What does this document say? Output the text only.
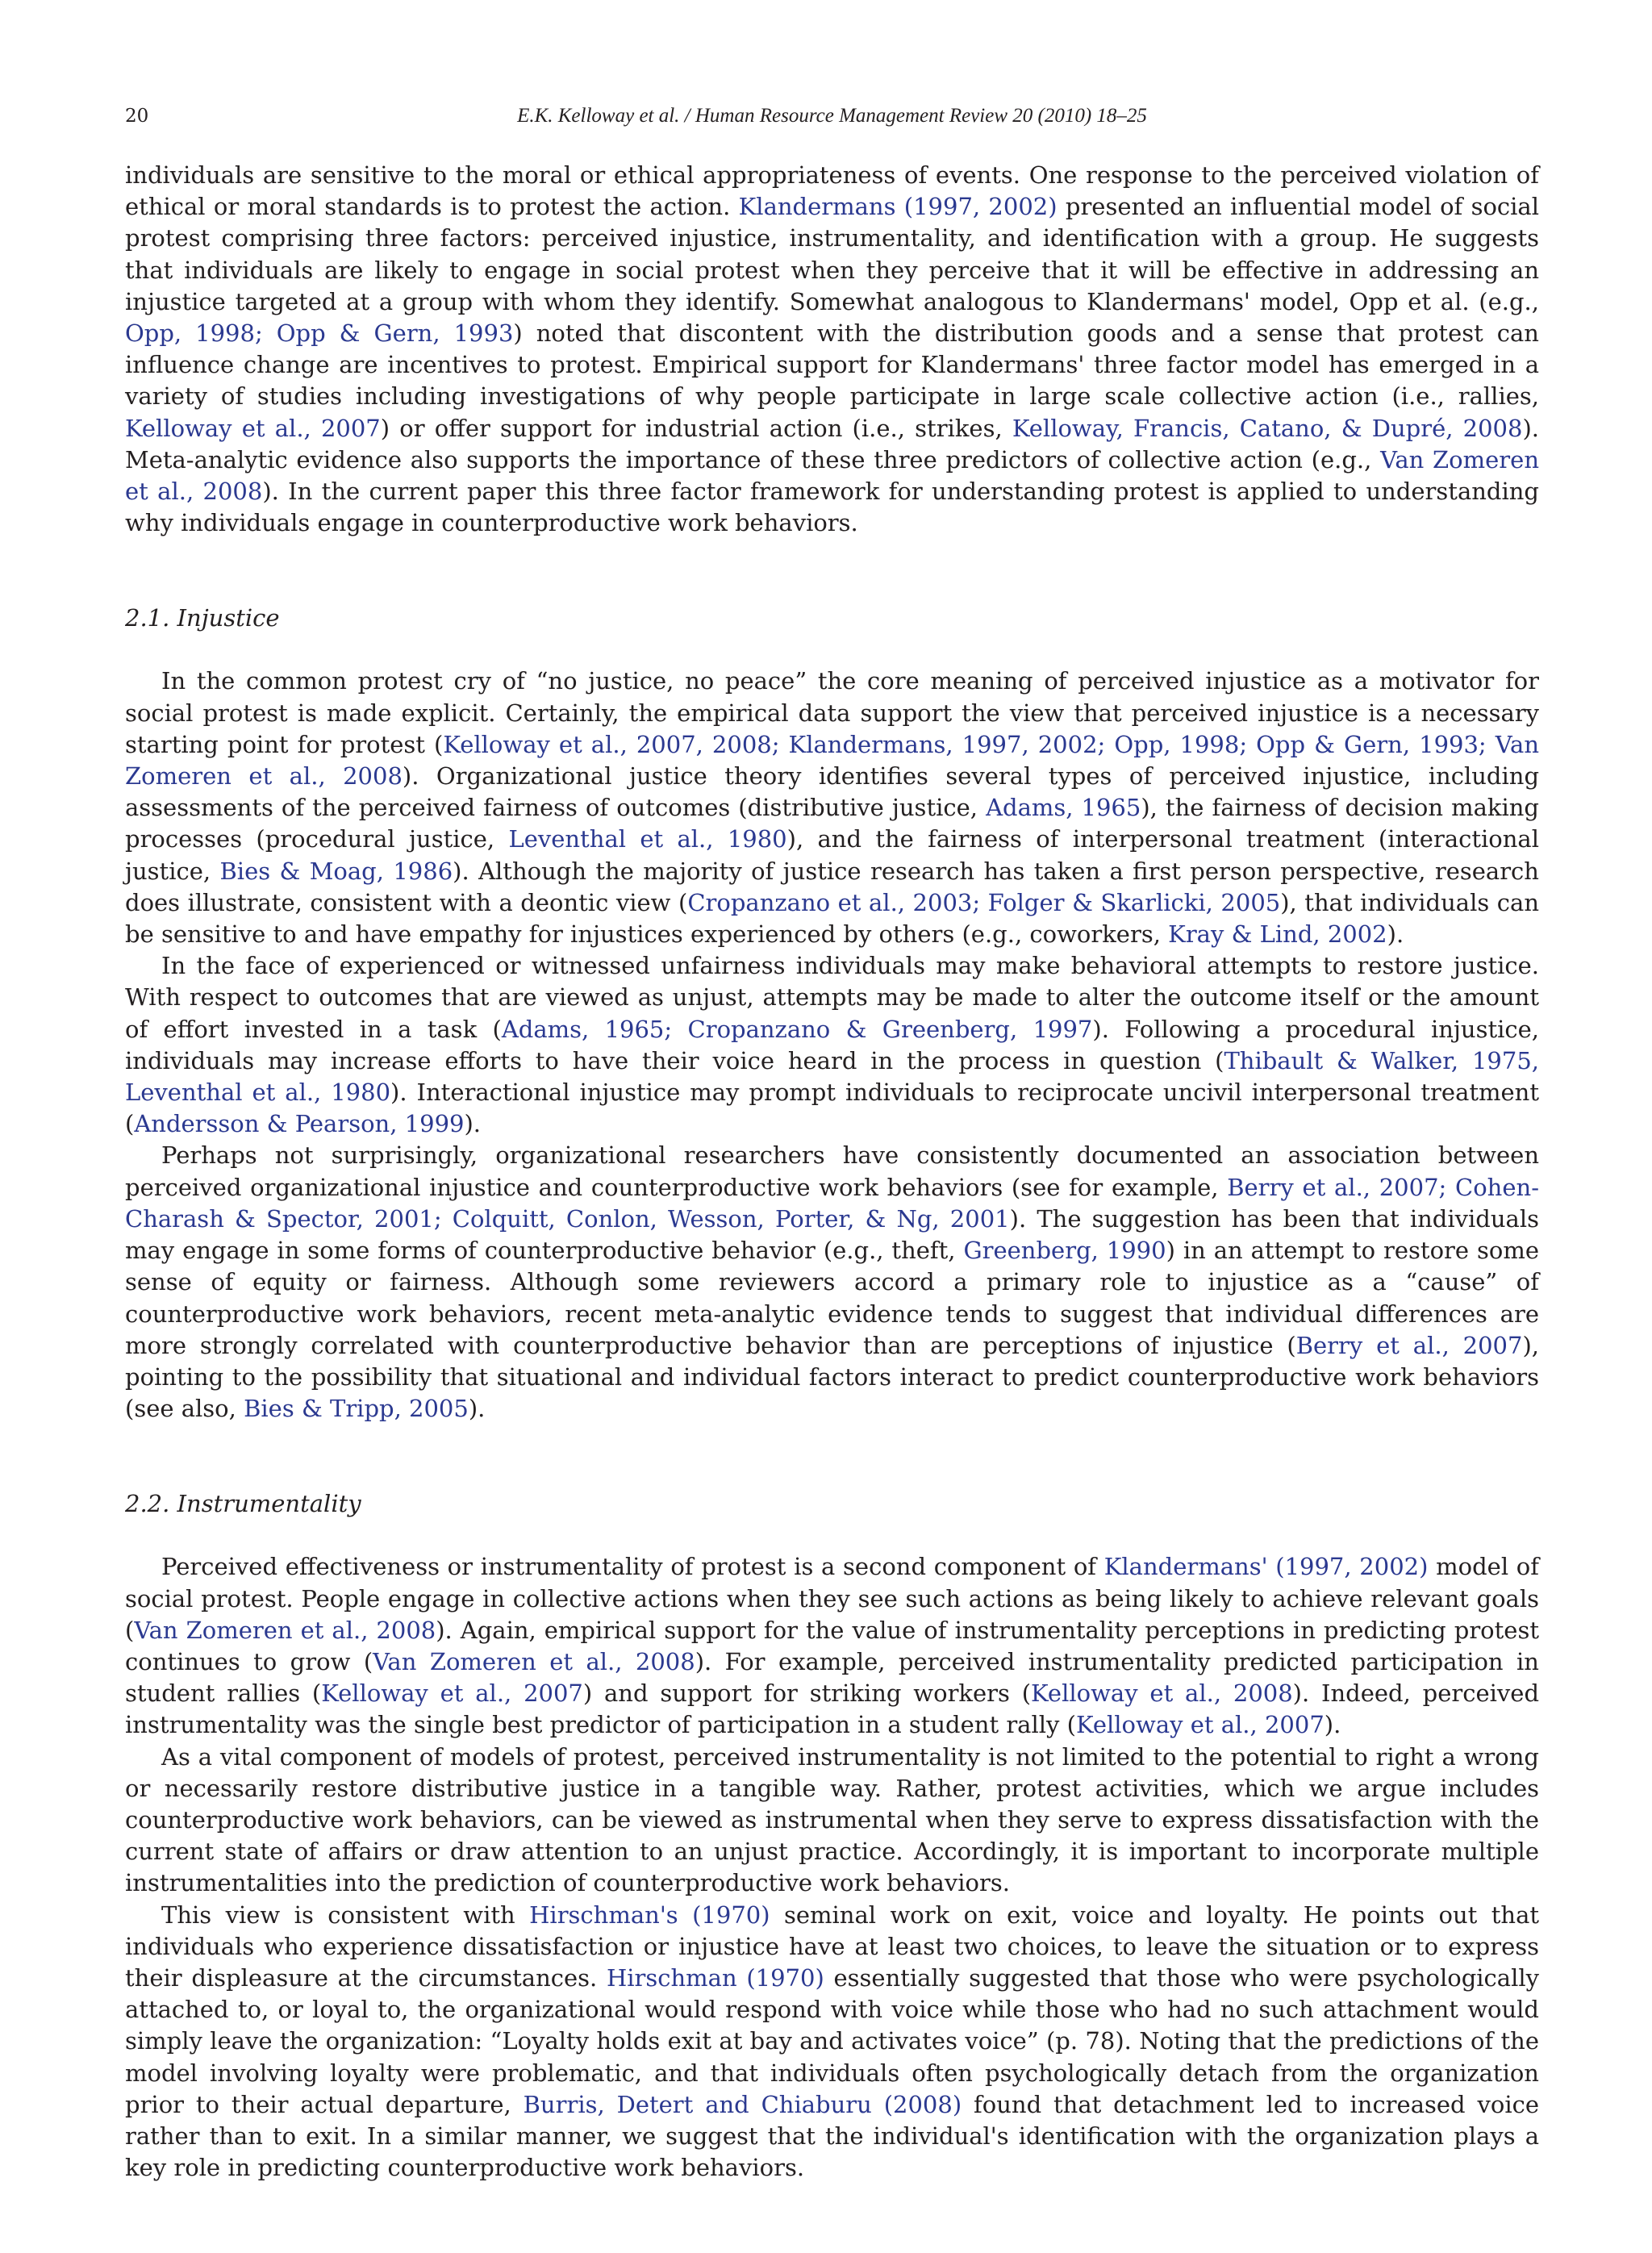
20	E.K. Kelloway et al. / Human Resource Management Review 20 (2010) 18–25

individuals are sensitive to the moral or ethical appropriateness of events. One response to the perceived violation of ethical or moral standards is to protest the action. Klandermans (1997, 2002) presented an influential model of social protest comprising three factors: perceived injustice, instrumentality, and identification with a group. He suggests that individuals are likely to engage in social protest when they perceive that it will be effective in addressing an injustice targeted at a group with whom they identify. Somewhat analogous to Klandermans' model, Opp et al. (e.g., Opp, 1998; Opp & Gern, 1993) noted that discontent with the distribution goods and a sense that protest can influence change are incentives to protest. Empirical support for Klandermans' three factor model has emerged in a variety of studies including investigations of why people participate in large scale collective action (i.e., rallies, Kelloway et al., 2007) or offer support for industrial action (i.e., strikes, Kelloway, Francis, Catano, & Dupré, 2008). Meta-analytic evidence also supports the importance of these three predictors of collective action (e.g., Van Zomeren et al., 2008). In the current paper this three factor framework for understanding protest is applied to understanding why individuals engage in counterproductive work behaviors.

2.1. Injustice

In the common protest cry of “no justice, no peace” the core meaning of perceived injustice as a motivator for social protest is made explicit. Certainly, the empirical data support the view that perceived injustice is a necessary starting point for protest (Kelloway et al., 2007, 2008; Klandermans, 1997, 2002; Opp, 1998; Opp & Gern, 1993; Van Zomeren et al., 2008). Organizational justice theory identifies several types of perceived injustice, including assessments of the perceived fairness of outcomes (distributive justice, Adams, 1965), the fairness of decision making processes (procedural justice, Leventhal et al., 1980), and the fairness of interpersonal treatment (interactional justice, Bies & Moag, 1986). Although the majority of justice research has taken a first person perspective, research does illustrate, consistent with a deontic view (Cropanzano et al., 2003; Folger & Skarlicki, 2005), that individuals can be sensitive to and have empathy for injustices experienced by others (e.g., coworkers, Kray & Lind, 2002).

In the face of experienced or witnessed unfairness individuals may make behavioral attempts to restore justice. With respect to outcomes that are viewed as unjust, attempts may be made to alter the outcome itself or the amount of effort invested in a task (Adams, 1965; Cropanzano & Greenberg, 1997). Following a procedural injustice, individuals may increase efforts to have their voice heard in the process in question (Thibault & Walker, 1975, Leventhal et al., 1980). Interactional injustice may prompt individuals to reciprocate uncivil interpersonal treatment (Andersson & Pearson, 1999).

Perhaps not surprisingly, organizational researchers have consistently documented an association between perceived organizational injustice and counterproductive work behaviors (see for example, Berry et al., 2007; Cohen-Charash & Spector, 2001; Colquitt, Conlon, Wesson, Porter, & Ng, 2001). The suggestion has been that individuals may engage in some forms of counterproductive behavior (e.g., theft, Greenberg, 1990) in an attempt to restore some sense of equity or fairness. Although some reviewers accord a primary role to injustice as a “cause” of counterproductive work behaviors, recent meta-analytic evidence tends to suggest that individual differences are more strongly correlated with counterproductive behavior than are perceptions of injustice (Berry et al., 2007), pointing to the possibility that situational and individual factors interact to predict counterproductive work behaviors (see also, Bies & Tripp, 2005).

2.2. Instrumentality

Perceived effectiveness or instrumentality of protest is a second component of Klandermans' (1997, 2002) model of social protest. People engage in collective actions when they see such actions as being likely to achieve relevant goals (Van Zomeren et al., 2008). Again, empirical support for the value of instrumentality perceptions in predicting protest continues to grow (Van Zomeren et al., 2008). For example, perceived instrumentality predicted participation in student rallies (Kelloway et al., 2007) and support for striking workers (Kelloway et al., 2008). Indeed, perceived instrumentality was the single best predictor of participation in a student rally (Kelloway et al., 2007).

As a vital component of models of protest, perceived instrumentality is not limited to the potential to right a wrong or necessarily restore distributive justice in a tangible way. Rather, protest activities, which we argue includes counterproductive work behaviors, can be viewed as instrumental when they serve to express dissatisfaction with the current state of affairs or draw attention to an unjust practice. Accordingly, it is important to incorporate multiple instrumentalities into the prediction of counterproductive work behaviors.

This view is consistent with Hirschman's (1970) seminal work on exit, voice and loyalty. He points out that individuals who experience dissatisfaction or injustice have at least two choices, to leave the situation or to express their displeasure at the circumstances. Hirschman (1970) essentially suggested that those who were psychologically attached to, or loyal to, the organizational would respond with voice while those who had no such attachment would simply leave the organization: “Loyalty holds exit at bay and activates voice” (p. 78). Noting that the predictions of the model involving loyalty were problematic, and that individuals often psychologically detach from the organization prior to their actual departure, Burris, Detert and Chiaburu (2008) found that detachment led to increased voice rather than to exit. In a similar manner, we suggest that the individual's identification with the organization plays a key role in predicting counterproductive work behaviors.
